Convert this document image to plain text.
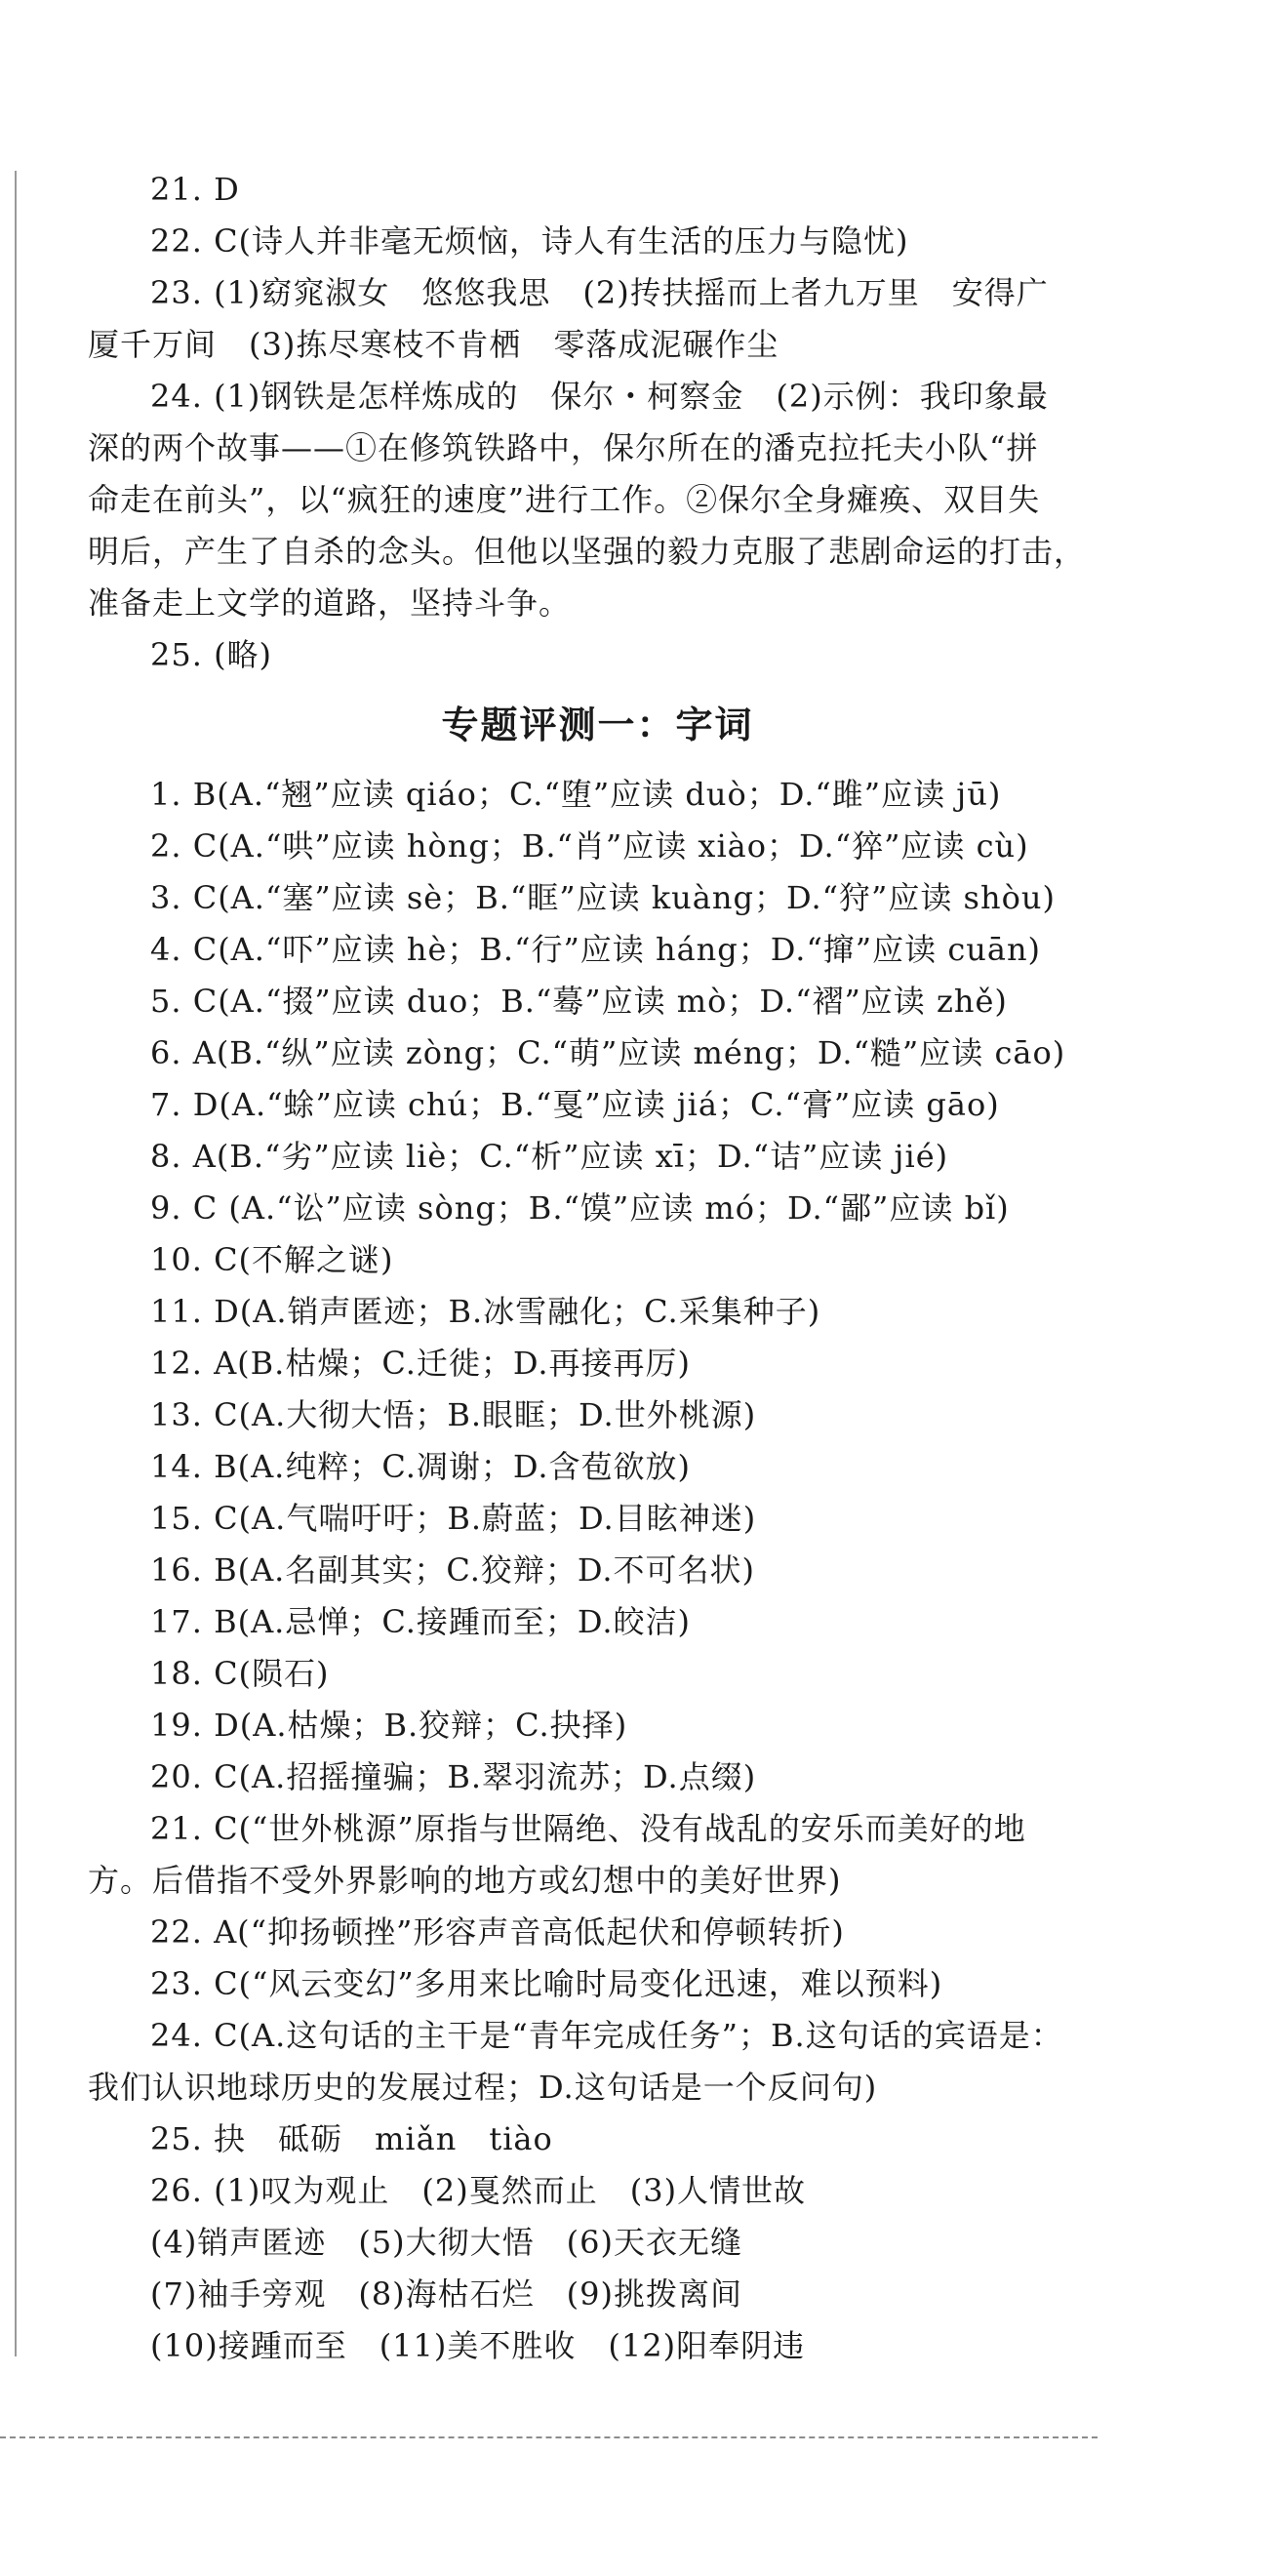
21. D
22. C(诗人并非毫无烦恼，诗人有生活的压力与隐忧)
23. (1)窈窕淑女　悠悠我思　(2)抟扶摇而上者九万里　安得广
厦千万间　(3)拣尽寒枝不肯栖　零落成泥碾作尘
24. (1)钢铁是怎样炼成的　保尔・柯察金　(2)示例：我印象最
深的两个故事——①在修筑铁路中，保尔所在的潘克拉托夫小队“拼
命走在前头”，以“疯狂的速度”进行工作。②保尔全身瘫痪、双目失
明后，产生了自杀的念头。但他以坚强的毅力克服了悲剧命运的打击，
准备走上文学的道路，坚持斗争。
25. (略)
专题评测一：字词
1. B(A.“翘”应读 qiáo；C.“堕”应读 duò；D.“雎”应读 jū)
2. C(A.“哄”应读 hòng；B.“肖”应读 xiào；D.“猝”应读 cù)
3. C(A.“塞”应读 sè；B.“眶”应读 kuàng；D.“狩”应读 shòu)
4. C(A.“吓”应读 hè；B.“行”应读 háng；D.“撺”应读 cuān)
5. C(A.“掇”应读 duo；B.“蓦”应读 mò；D.“褶”应读 zhě)
6. A(B.“纵”应读 zòng；C.“萌”应读 méng；D.“糙”应读 cāo)
7. D(A.“蜍”应读 chú；B.“戛”应读 jiá；C.“膏”应读 gāo)
8. A(B.“劣”应读 liè；C.“析”应读 xī；D.“诘”应读 jié)
9. C (A.“讼”应读 sòng；B.“馍”应读 mó；D.“鄙”应读 bǐ)
10. C(不解之谜)
11. D(A.销声匿迹；B.冰雪融化；C.采集种子)
12. A(B.枯燥；C.迁徙；D.再接再厉)
13. C(A.大彻大悟；B.眼眶；D.世外桃源)
14. B(A.纯粹；C.凋谢；D.含苞欲放)
15. C(A.气喘吁吁；B.蔚蓝；D.目眩神迷)
16. B(A.名副其实；C.狡辩；D.不可名状)
17. B(A.忌惮；C.接踵而至；D.皎洁)
18. C(陨石)
19. D(A.枯燥；B.狡辩；C.抉择)
20. C(A.招摇撞骗；B.翠羽流苏；D.点缀)
21. C(“世外桃源”原指与世隔绝、没有战乱的安乐而美好的地
方。后借指不受外界影响的地方或幻想中的美好世界)
22. A(“抑扬顿挫”形容声音高低起伏和停顿转折)
23. C(“风云变幻”多用来比喻时局变化迅速，难以预料)
24. C(A.这句话的主干是“青年完成任务”；B.这句话的宾语是：
我们认识地球历史的发展过程；D.这句话是一个反问句)
25. 抉　砥砺　miǎn　tiào
26. (1)叹为观止　(2)戛然而止　(3)人情世故
(4)销声匿迹　(5)大彻大悟　(6)天衣无缝
(7)袖手旁观　(8)海枯石烂　(9)挑拨离间
(10)接踵而至　(11)美不胜收　(12)阳奉阴违
